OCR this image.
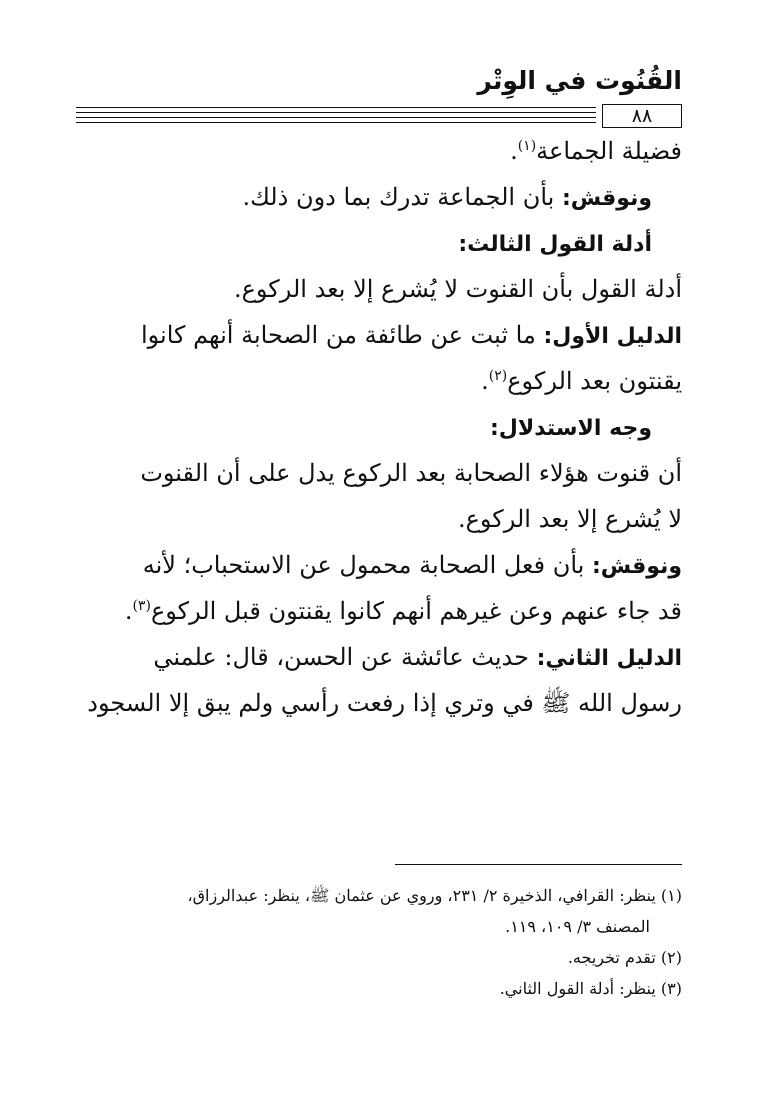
القُنُوت في الوِتْر
٨٨
فضيلة الجماعة$^{(١)}$.
ونوقش: بأن الجماعة تدرك بما دون ذلك.
أدلة القول الثالث:
أدلة القول بأن القنوت لا يُشرع إلا بعد الركوع.
الدليل الأول: ما ثبت عن طائفة من الصحابة أنهم كانوا
يقنتون بعد الركوع$^{(٢)}$.
وجه الاستدلال:
أن قنوت هؤلاء الصحابة بعد الركوع يدل على أن القنوت
لا يُشرع إلا بعد الركوع.
ونوقش: بأن فعل الصحابة محمول عن الاستحباب؛ لأنه
قد جاء عنهم وعن غيرهم أنهم كانوا يقنتون قبل الركوع$^{(٣)}$.
الدليل الثاني: حديث عائشة عن الحسن، قال: علمني
رسول الله ﷺ في وتري إذا رفعت رأسي ولم يبق إلا السجود
(١) ينظر: القرافي، الذخيرة ٢/ ٢٣١، وروي عن عثمان ﷺ، ينظر: عبدالرزاق،
المصنف ٣/ ١٠٩، ١١٩.
(٢) تقدم تخريجه.
(٣) ينظر: أدلة القول الثاني.
